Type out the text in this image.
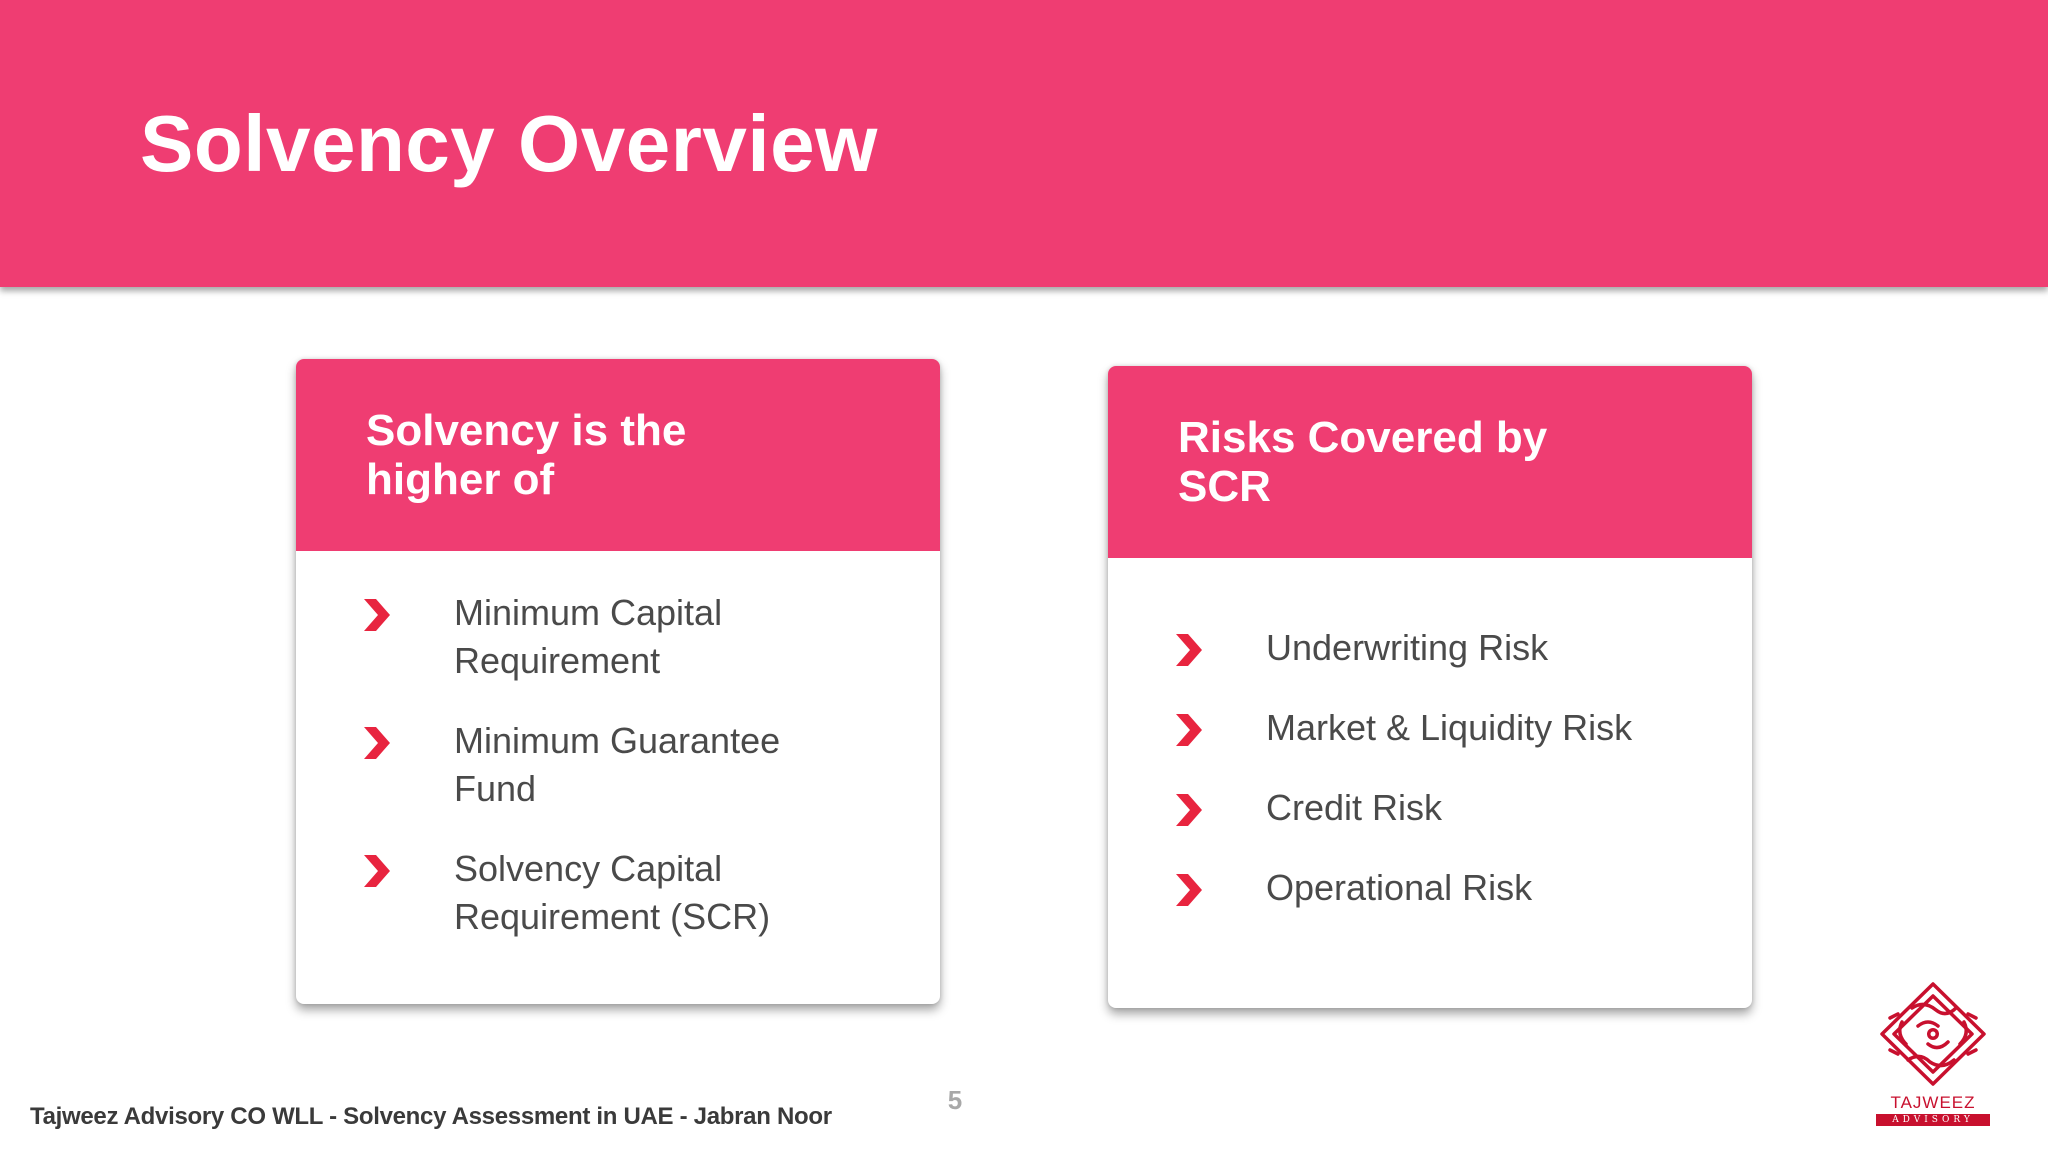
Solvency Overview
Solvency is the higher of
Minimum Capital Requirement
Minimum Guarantee Fund
Solvency Capital Requirement (SCR)
Risks Covered by SCR
Underwriting Risk
Market & Liquidity Risk
Credit Risk
Operational Risk
5
Tajweez Advisory CO WLL - Solvency Assessment in UAE - Jabran Noor
TAJWEEZ
ADVISORY
